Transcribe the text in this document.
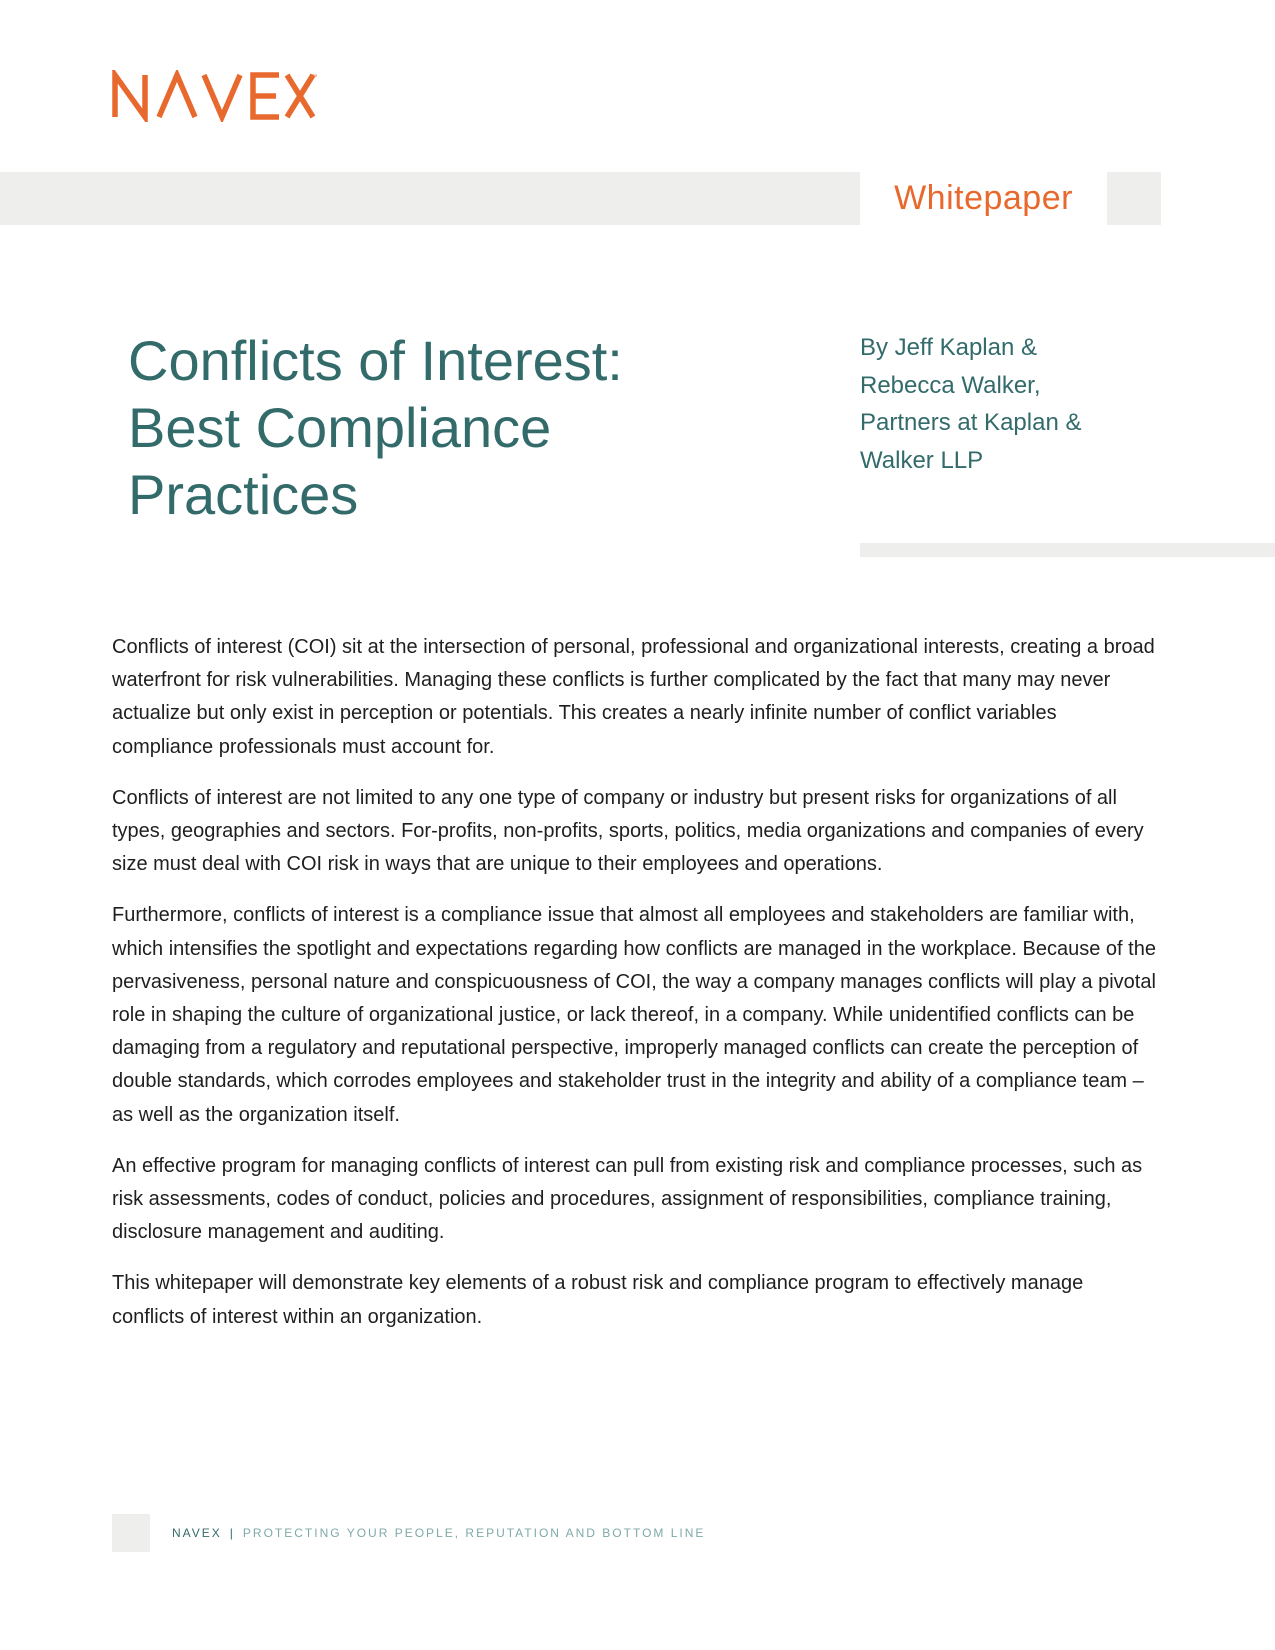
™
Whitepaper
Conflicts of Interest:
Best Compliance
Practices
By Jeff Kaplan &
Rebecca Walker,
Partners at Kaplan &
Walker LLP

Conflicts of interest (COI) sit at the intersection of personal, professional and organizational interests, creating a broad waterfront for risk vulnerabilities. Managing these conflicts is further complicated by the fact that many may never actualize but only exist in perception or potentials. This creates a nearly infinite number of conflict variables compliance professionals must account for.

Conflicts of interest are not limited to any one type of company or industry but present risks for organizations of all types, geographies and sectors. For-profits, non-profits, sports, politics, media organizations and companies of every size must deal with COI risk in ways that are unique to their employees and operations.

Furthermore, conflicts of interest is a compliance issue that almost all employees and stakeholders are familiar with, which intensifies the spotlight and expectations regarding how conflicts are managed in the workplace. Because of the pervasiveness, personal nature and conspicuousness of COI, the way a company manages conflicts will play a pivotal role in shaping the culture of organizational justice, or lack thereof, in a company. While unidentified conflicts can be damaging from a regulatory and reputational perspective, improperly managed conflicts can create the perception of double standards, which corrodes employees and stakeholder trust in the integrity and ability of a compliance team – as well as the organization itself.

An effective program for managing conflicts of interest can pull from existing risk and compliance processes, such as risk assessments, codes of conduct, policies and procedures, assignment of responsibilities, compliance training, disclosure management and auditing.

This whitepaper will demonstrate key elements of a robust risk and compliance program to effectively manage conflicts of interest within an organization.

NAVEX | PROTECTING YOUR PEOPLE, REPUTATION AND BOTTOM LINE
